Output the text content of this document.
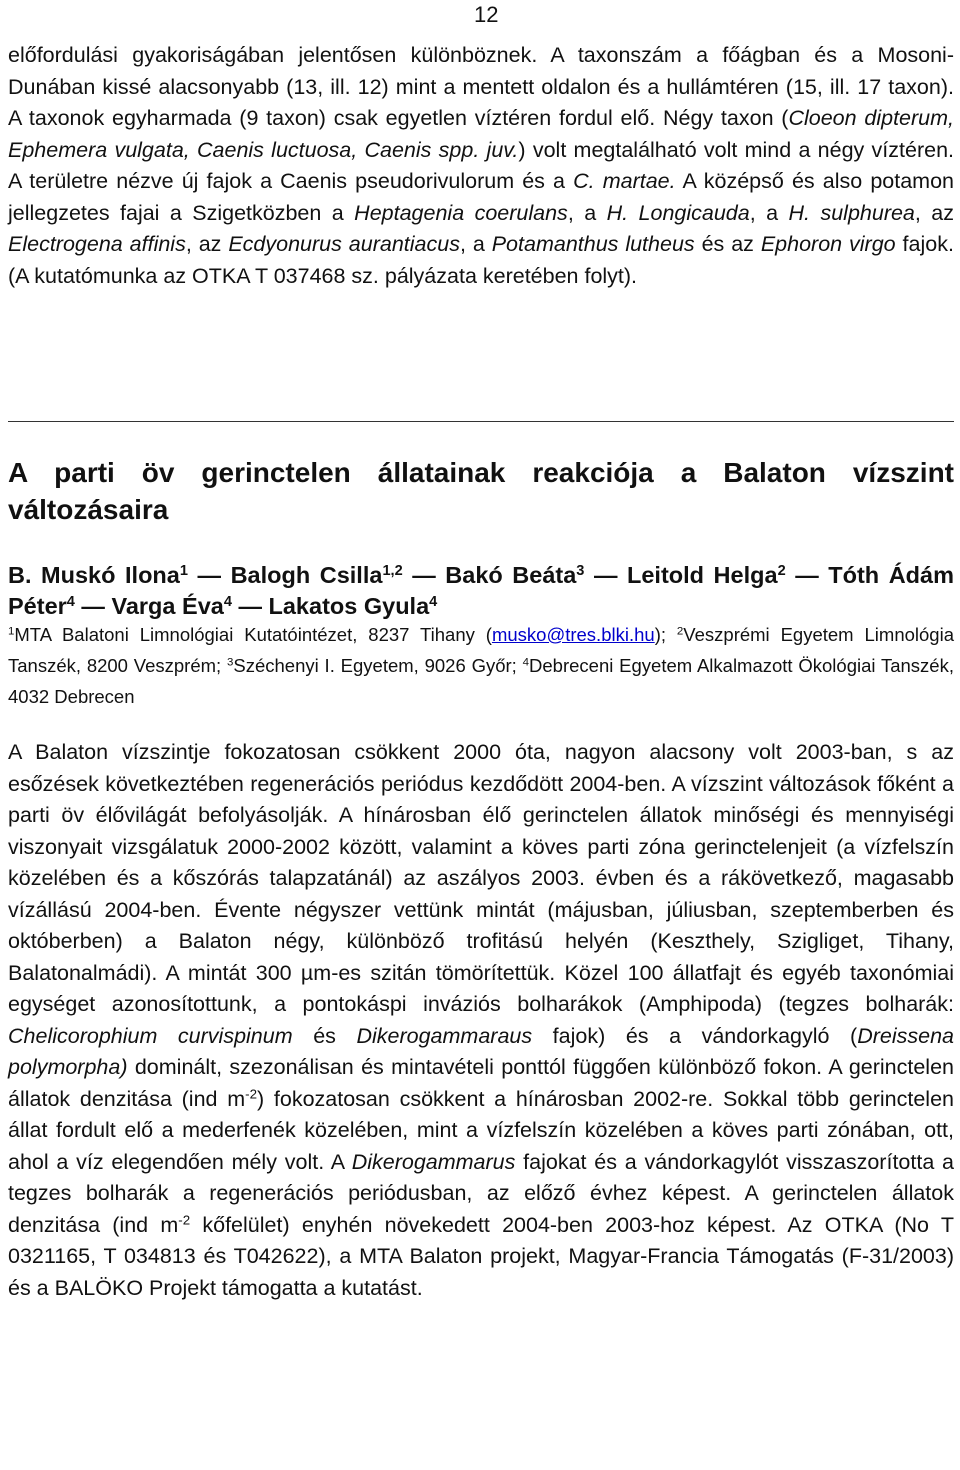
12
előfordulási gyakoriságában jelentősen különböznek. A taxonszám a főágban és a Mosoni-Dunában kissé alacsonyabb (13, ill. 12) mint a mentett oldalon és a hullámtéren (15, ill. 17 taxon). A taxonok egyharmada (9 taxon) csak egyetlen víztéren fordul elő. Négy taxon (Cloeon dipterum, Ephemera vulgata, Caenis luctuosa, Caenis spp. juv.) volt megtalálható volt mind a négy víztéren. A területre nézve új fajok a Caenis pseudorivulorum és a C. martae. A középső és also potamon jellegzetes fajai a Szigetközben a Heptagenia coerulans, a H. Longicauda, a H. sulphurea, az Electrogena affinis, az Ecdyonurus aurantiacus, a Potamanthus lutheus és az Ephoron virgo fajok. (A kutatómunka az OTKA T 037468 sz. pályázata keretében folyt).
A parti öv gerinctelen állatainak reakciója a Balaton vízszint változásaira
B. Muskó Ilona$^1$ — Balogh Csilla$^{1,2}$ — Bakó Beáta$^3$ — Leitold Helga$^2$ — Tóth Ádám Péter$^4$ — Varga Éva$^4$ — Lakatos Gyula$^4$
$^1$MTA Balatoni Limnológiai Kutatóintézet, 8237 Tihany (musko@tres.blki.hu); $^2$Veszprémi Egyetem Limnológia Tanszék, 8200 Veszprém; $^3$Széchenyi I. Egyetem, 9026 Győr; $^4$Debreceni Egyetem Alkalmazott Ökológiai Tanszék, 4032 Debrecen
A Balaton vízszintje fokozatosan csökkent 2000 óta, nagyon alacsony volt 2003-ban, s az esőzések következtében regenerációs periódus kezdődött 2004-ben. A vízszint változások főként a parti öv élővilágát befolyásolják. A hínárosban élő gerinctelen állatok minőségi és mennyiségi viszonyait vizsgálatuk 2000-2002 között, valamint a köves parti zóna gerinctelenjeit (a vízfelszín közelében és a kőszórás talapzatánál) az aszályos 2003. évben és a rákövetkező, magasabb vízállású 2004-ben. Évente négyszer vettünk mintát (májusban, júliusban, szeptemberben és októberben) a Balaton négy, különböző trofitású helyén (Keszthely, Szigliget, Tihany, Balatonalmádi). A mintát 300 µm-es szitán tömörítettük. Közel 100 állatfajt és egyéb taxonómiai egységet azonosítottunk, a pontokáspi inváziós bolharákok (Amphipoda) (tegzes bolharák: Chelicorophium curvispinum és Dikerogammaraus fajok) és a vándorkagyló (Dreissena polymorpha) dominált, szezonálisan és mintavételi ponttól függően különböző fokon. A gerinctelen állatok denzitása (ind $m^{-2}$) fokozatosan csökkent a hínárosban 2002-re. Sokkal több gerinctelen állat fordult elő a mederfenék közelében, mint a vízfelszín közelében a köves parti zónában, ott, ahol a víz elegendően mély volt. A Dikerogammarus fajokat és a vándorkagylót visszaszorította a tegzes bolharák a regenerációs periódusban, az előző évhez képest. A gerinctelen állatok denzitása (ind $m^{-2}$ kőfelület) enyhén növekedett 2004-ben 2003-hoz képest. Az OTKA (No T 0321165, T 034813 és T042622), a MTA Balaton projekt, Magyar-Francia Támogatás (F-31/2003) és a BALÖKO Projekt támogatta a kutatást.
